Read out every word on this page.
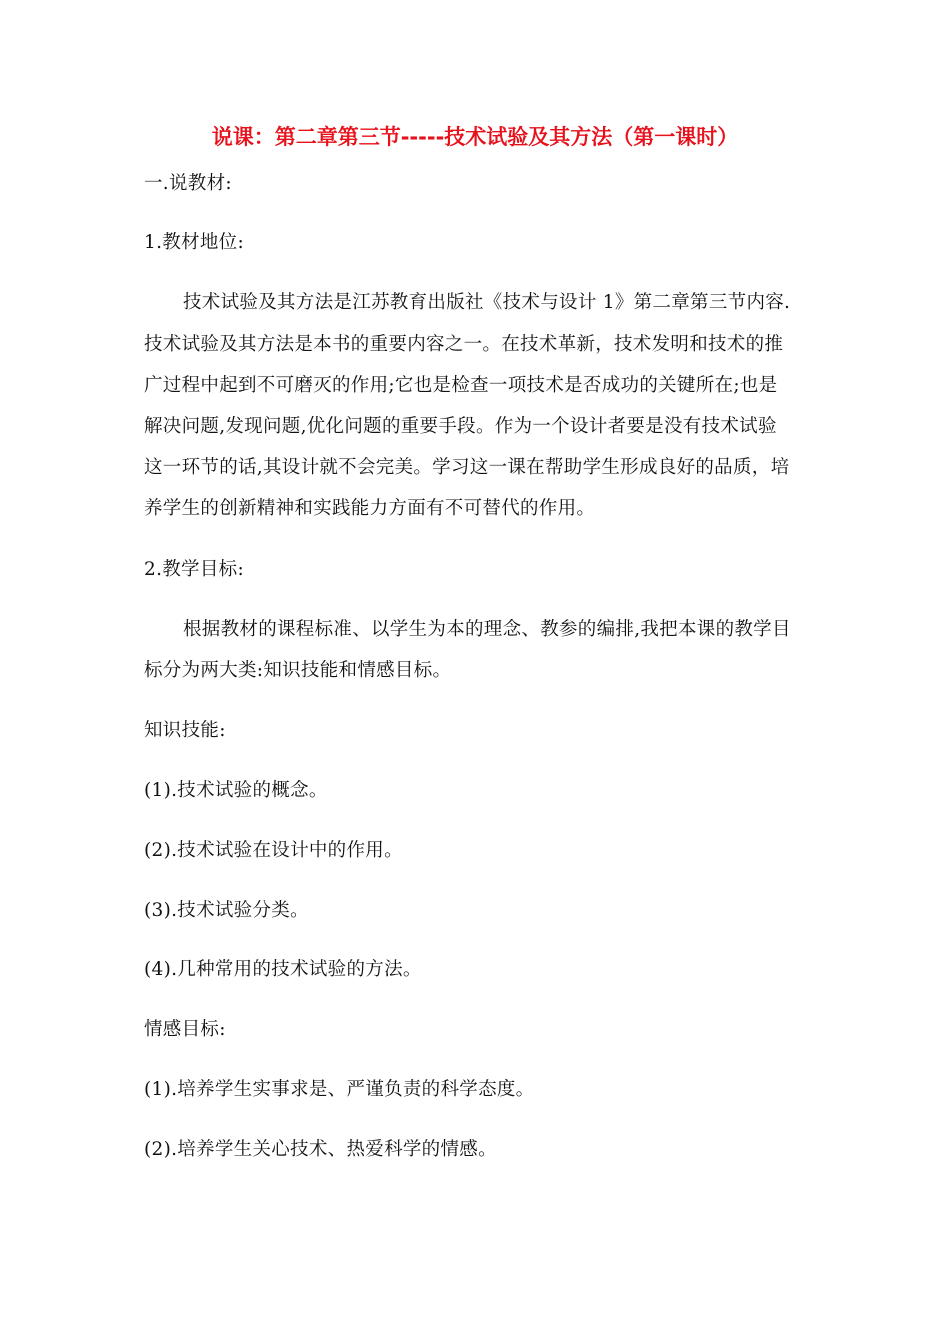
说课：第二章第三节-----技术试验及其方法（第一课时）
一.说教材:
1.教材地位:
技术试验及其方法是江苏教育出版社《技术与设计 1》第二章第三节内容.
技术试验及其方法是本书的重要内容之一。在技术革新，技术发明和技术的推
广过程中起到不可磨灭的作用;它也是检查一项技术是否成功的关键所在;也是
解决问题,发现问题,优化问题的重要手段。作为一个设计者要是没有技术试验
这一环节的话,其设计就不会完美。学习这一课在帮助学生形成良好的品质，培
养学生的创新精神和实践能力方面有不可替代的作用。
2.教学目标:
根据教材的课程标准、以学生为本的理念、教参的编排,我把本课的教学目
标分为两大类:知识技能和情感目标。
知识技能:
(1).技术试验的概念。
(2).技术试验在设计中的作用。
(3).技术试验分类。
(4).几种常用的技术试验的方法。
情感目标:
(1).培养学生实事求是、严谨负责的科学态度。
(2).培养学生关心技术、热爱科学的情感。
